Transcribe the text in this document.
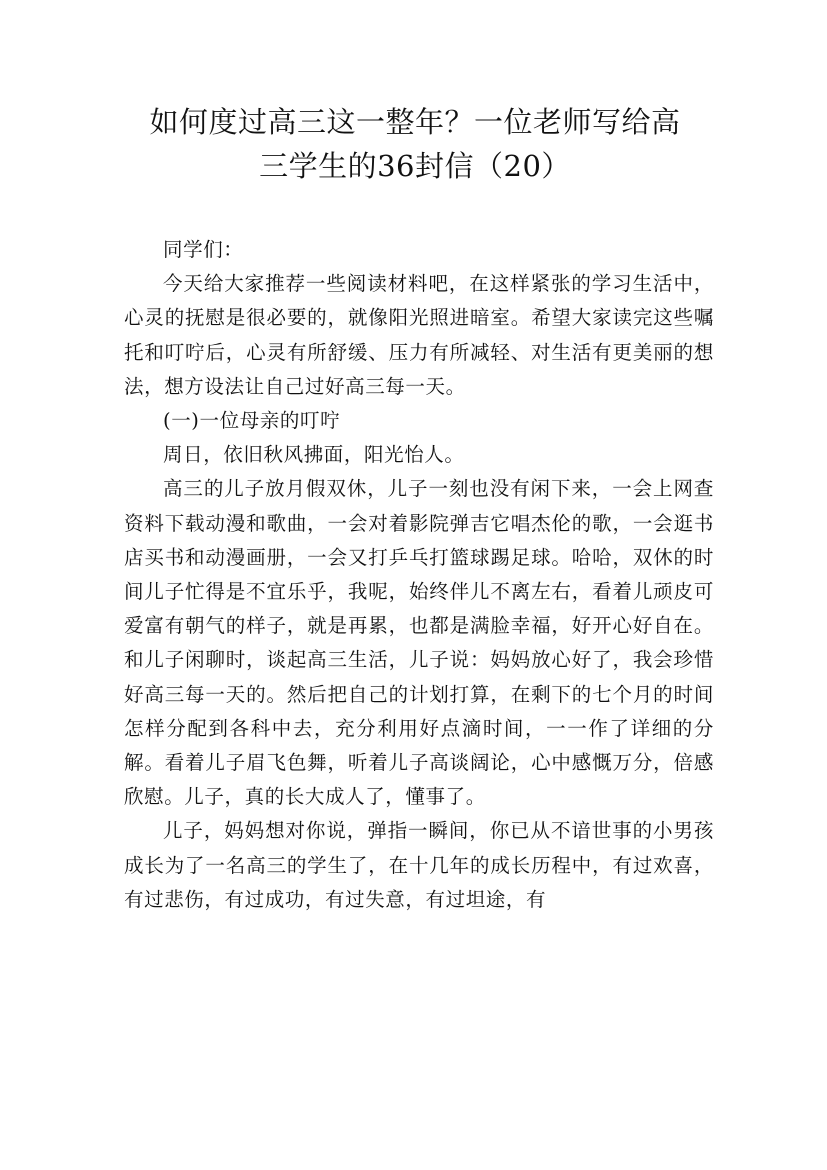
如何度过高三这一整年？一位老师写给高
三学生的36封信（20）

同学们：

今天给大家推荐一些阅读材料吧，在这样紧张的学习生活中，心灵的抚慰是很必要的，就像阳光照进暗室。希望大家读完这些嘱托和叮咛后，心灵有所舒缓、压力有所减轻、对生活有更美丽的想法，想方设法让自己过好高三每一天。

(一)一位母亲的叮咛

周日，依旧秋风拂面，阳光怡人。

高三的儿子放月假双休，儿子一刻也没有闲下来，一会上网查资料下载动漫和歌曲，一会对着影院弹吉它唱杰伦的歌，一会逛书店买书和动漫画册，一会又打乒乓打篮球踢足球。哈哈，双休的时间儿子忙得是不宜乐乎，我呢，始终伴儿不离左右，看着儿顽皮可爱富有朝气的样子，就是再累，也都是满脸幸福，好开心好自在。和儿子闲聊时，谈起高三生活，儿子说：妈妈放心好了，我会珍惜好高三每一天的。然后把自己的计划打算，在剩下的七个月的时间怎样分配到各科中去，充分利用好点滴时间，一一作了详细的分解。看着儿子眉飞色舞，听着儿子高谈阔论，心中感慨万分，倍感欣慰。儿子，真的长大成人了，懂事了。

儿子，妈妈想对你说，弹指一瞬间，你已从不谙世事的小男孩成长为了一名高三的学生了，在十几年的成长历程中，有过欢喜，有过悲伤，有过成功，有过失意，有过坦途，有
